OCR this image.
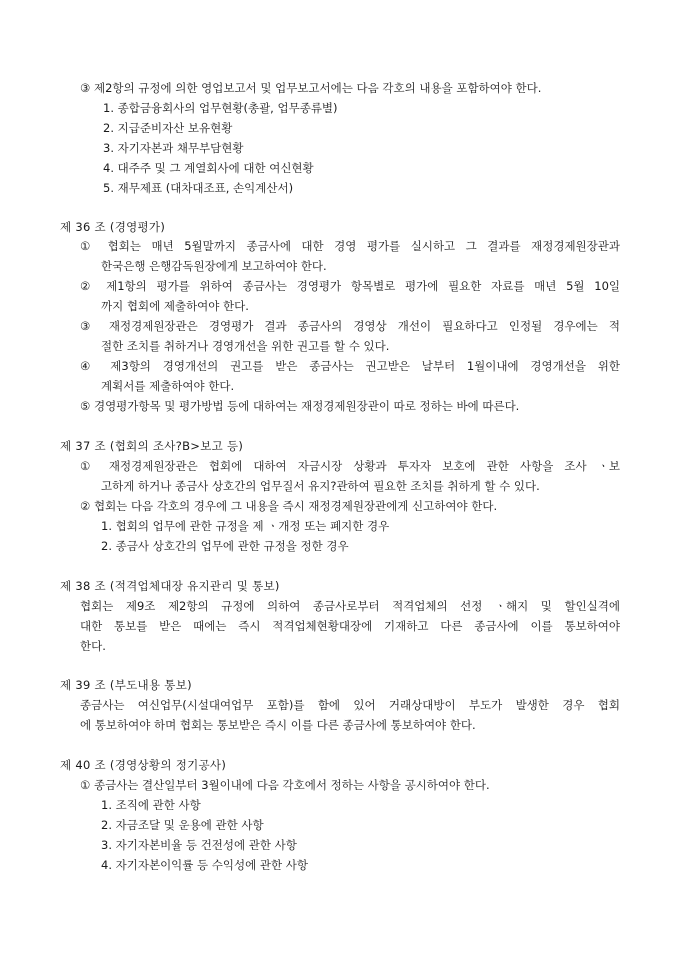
③ 제2항의 규정에 의한 영업보고서 및 업무보고서에는 다음 각호의 내용을 포함하여야 한다.
1. 종합금융회사의 업무현황(총괄, 업무종류별)
2. 지급준비자산 보유현황
3. 자기자본과 채무부담현황
4. 대주주 및 그 계열회사에 대한 여신현황
5. 재무제표 (대차대조표, 손익계산서)
제 36 조 (경영평가)
① 협회는 매년 5월말까지 종금사에 대한 경영 평가를 실시하고 그 결과를 재정경제원장관과
한국은행 은행감독원장에게 보고하여야 한다.
② 제1항의 평가를 위하여 종금사는 경영평가 항목별로 평가에 필요한 자료를 매년 5월 10일
까지 협회에 제출하여야 한다.
③ 재정경제원장관은 경영평가 결과 종금사의 경영상 개선이 필요하다고 인정될 경우에는 적
절한 조치를 취하거나 경영개선을 위한 권고를 할 수 있다.
④ 제3항의 경영개선의 권고를 받은 종금사는 권고받은 날부터 1월이내에 경영개선을 위한
계획서를 제출하여야 한다.
⑤ 경영평가항목 및 평가방법 등에 대하여는 재정경제원장관이 따로 정하는 바에 따른다.
제 37 조 (협회의 조사?B>보고 등)
① 재정경제원장관은 협회에 대하여 자금시장 상황과 투자자 보호에 관한 사항을 조사 ㆍ보
고하게 하거나 종금사 상호간의 업무질서 유지?관하여 필요한 조치를 취하게 할 수 있다.
② 협회는 다음 각호의 경우에 그 내용을 즉시 재정경제원장관에게 신고하여야 한다.
1. 협회의 업무에 관한 규정을 제 ㆍ개정 또는 폐지한 경우
2. 종금사 상호간의 업무에 관한 규정을 정한 경우
제 38 조 (적격업체대장 유지관리 및 통보)
협회는 제9조 제2항의 규정에 의하여 종금사로부터 적격업체의 선정 ㆍ해지 및 할인실격에
대한 통보를 받은 때에는 즉시 적격업체현황대장에 기재하고 다른 종금사에 이를 통보하여야
한다.
제 39 조 (부도내용 통보)
종금사는 여신업무(시설대여업무 포함)를 함에 있어 거래상대방이 부도가 발생한 경우 협회
에 통보하여야 하며 협회는 통보받은 즉시 이를 다른 종금사에 통보하여야 한다.
제 40 조 (경영상황의 정기공사)
① 종금사는 결산일부터 3월이내에 다음 각호에서 정하는 사항을 공시하여야 한다.
1. 조직에 관한 사항
2. 자금조달 및 운용에 관한 사항
3. 자기자본비율 등 건전성에 관한 사항
4. 자기자본이익률 등 수익성에 관한 사항
